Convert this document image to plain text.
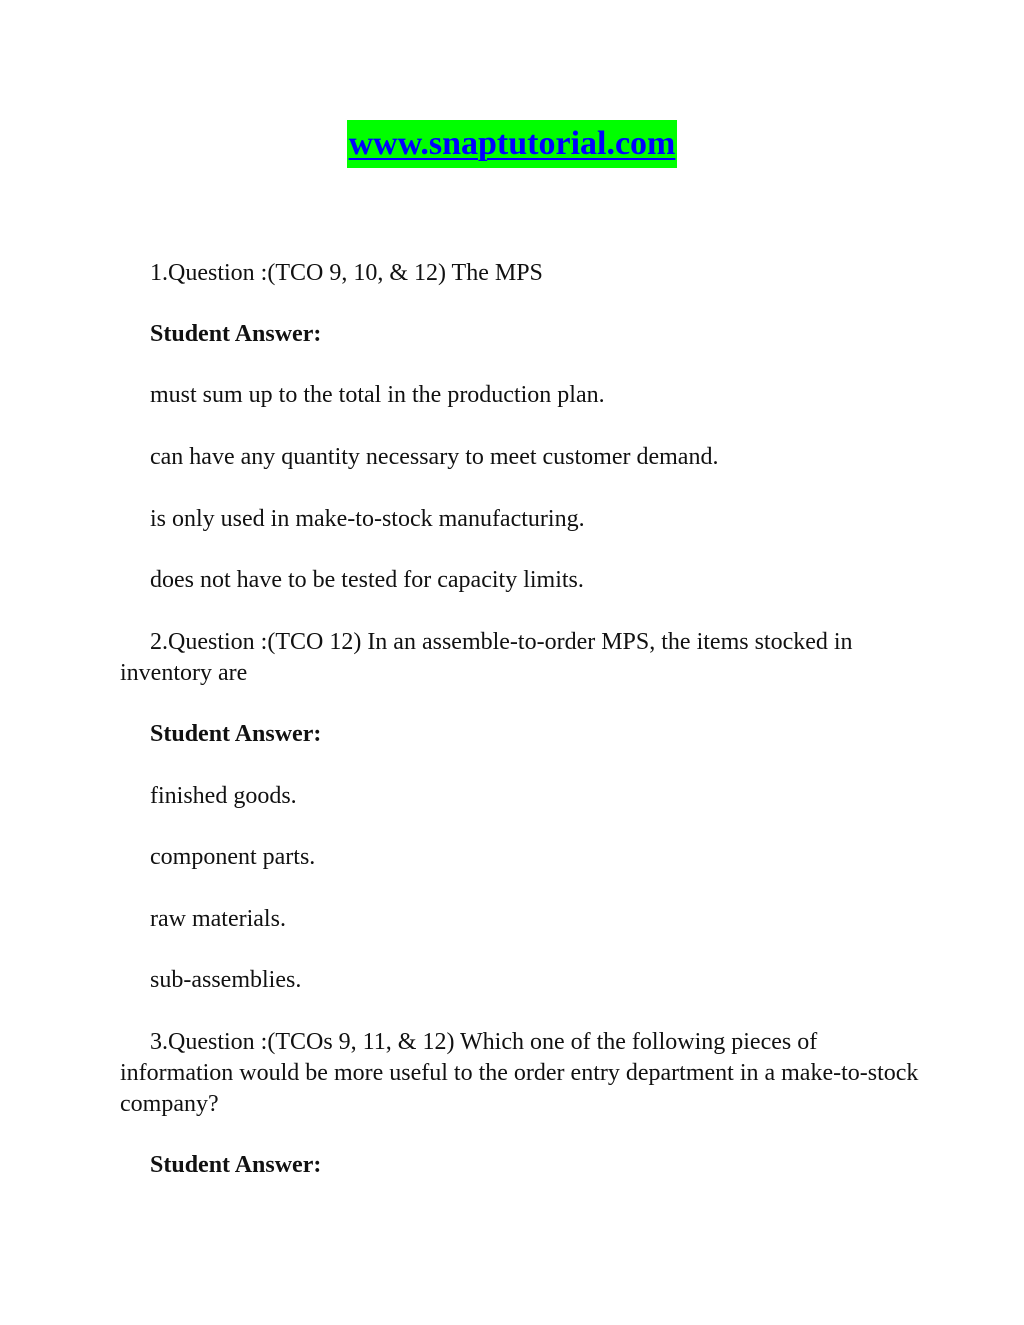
www.snaptutorial.com
1.Question :(TCO 9, 10, & 12) The MPS
Student Answer:
must sum up to the total in the production plan.
can have any quantity necessary to meet customer demand.
is only used in make-to-stock manufacturing.
does not have to be tested for capacity limits.

2.Question :(TCO 12) In an assemble-to-order MPS, the items stocked in inventory are

Student Answer:
finished goods.
component parts.
raw materials.
sub-assemblies.

3.Question :(TCOs 9, 11, & 12) Which one of the following pieces of information would be more useful to the order entry department in a make-to-stock company?

Student Answer:
